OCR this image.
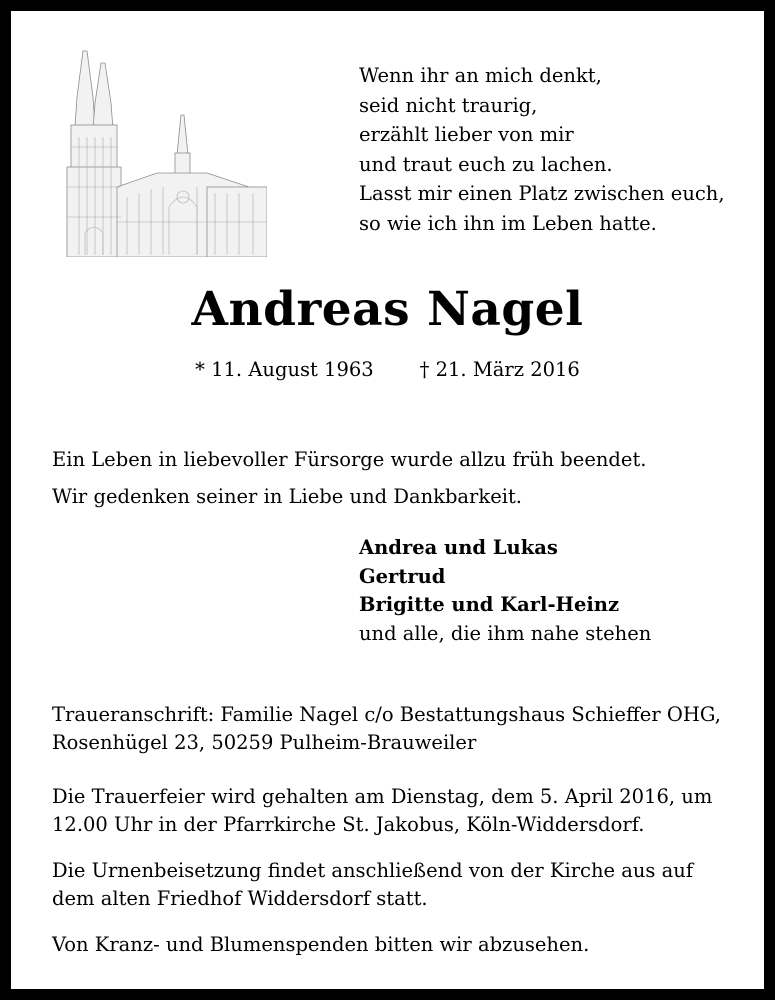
Wenn ihr an mich denkt,
seid nicht traurig,
erzählt lieber von mir
und traut euch zu lachen.
Lasst mir einen Platz zwischen euch,
so wie ich ihn im Leben hatte.
Andreas Nagel
* 11. August 1963 † 21. März 2016
Ein Leben in liebevoller Fürsorge wurde allzu früh beendet.
Wir gedenken seiner in Liebe und Dankbarkeit.
Andrea und Lukas
Gertrud
Brigitte und Karl-Heinz
und alle, die ihm nahe stehen
Traueranschrift: Familie Nagel c/o Bestattungshaus Schieffer OHG,
Rosenhügel 23, 50259 Pulheim-Brauweiler
Die Trauerfeier wird gehalten am Dienstag, dem 5. April 2016, um
12.00 Uhr in der Pfarrkirche St. Jakobus, Köln-Widdersdorf.
Die Urnenbeisetzung findet anschließend von der Kirche aus auf
dem alten Friedhof Widdersdorf statt.
Von Kranz- und Blumenspenden bitten wir abzusehen.
